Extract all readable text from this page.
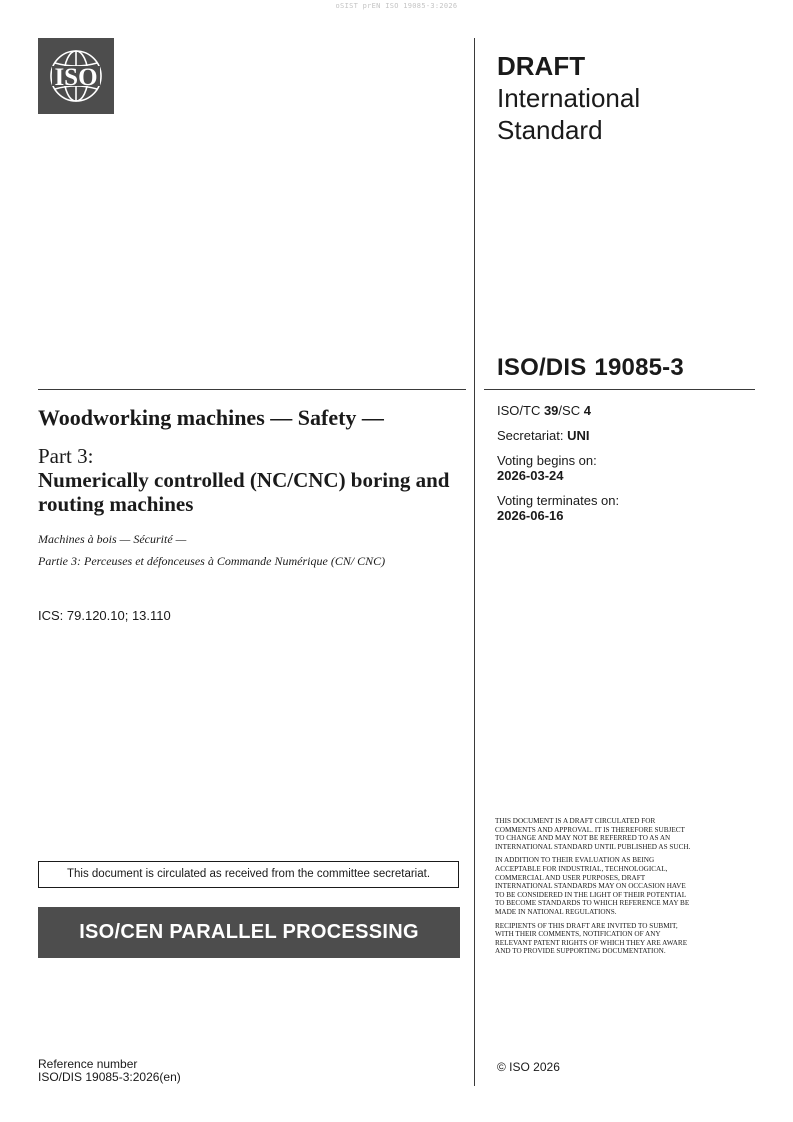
oSIST prEN ISO 19085-3:2026
ISO	DRAFT
International
Standard
ISO/DIS 19085-3
Woodworking machines — Safety —
Part 3:
Numerically controlled (NC/CNC) boring and routing machines
Machines à bois — Sécurité —
Partie 3: Perceuses et défonceuses à Commande Numérique (CN/ CNC)
ICS: 79.120.10; 13.110
ISO/TC 39/SC 4
Secretariat: UNI
Voting begins on:
2026-03-24
Voting terminates on:
2026-06-16
This document is circulated as received from the committee secretariat.
ISO/CEN PARALLEL PROCESSING

THIS DOCUMENT IS A DRAFT CIRCULATED FOR COMMENTS AND APPROVAL. IT IS THEREFORE SUBJECT TO CHANGE AND MAY NOT BE REFERRED TO AS AN INTERNATIONAL STANDARD UNTIL PUBLISHED AS SUCH.

IN ADDITION TO THEIR EVALUATION AS BEING ACCEPTABLE FOR INDUSTRIAL, TECHNOLOGICAL, COMMERCIAL AND USER PURPOSES, DRAFT INTERNATIONAL STANDARDS MAY ON OCCASION HAVE TO BE CONSIDERED IN THE LIGHT OF THEIR POTENTIAL TO BECOME STANDARDS TO WHICH REFERENCE MAY BE MADE IN NATIONAL REGULATIONS.

RECIPIENTS OF THIS DRAFT ARE INVITED TO SUBMIT, WITH THEIR COMMENTS, NOTIFICATION OF ANY RELEVANT PATENT RIGHTS OF WHICH THEY ARE AWARE AND TO PROVIDE SUPPORTING DOCUMENTATION.

Reference number
ISO/DIS 19085-3:2026(en)
© ISO 2026
